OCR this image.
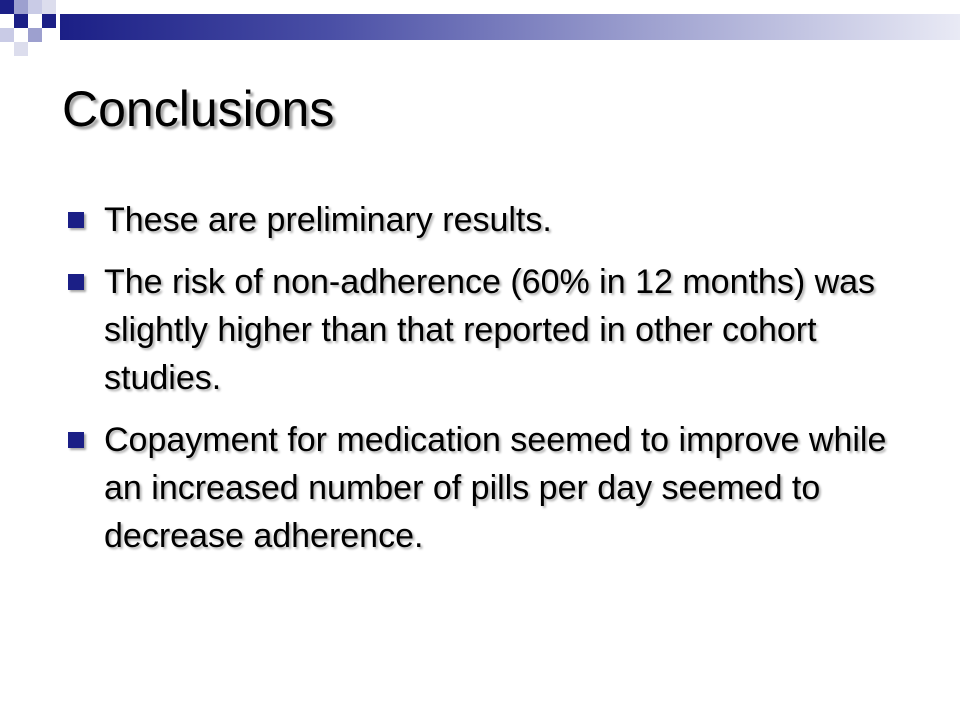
Conclusions
These are preliminary results.
The risk of non-adherence (60% in 12 months) was slightly higher than that reported in other cohort studies.
Copayment for medication seemed to improve while an increased number of pills per day seemed to decrease adherence.
